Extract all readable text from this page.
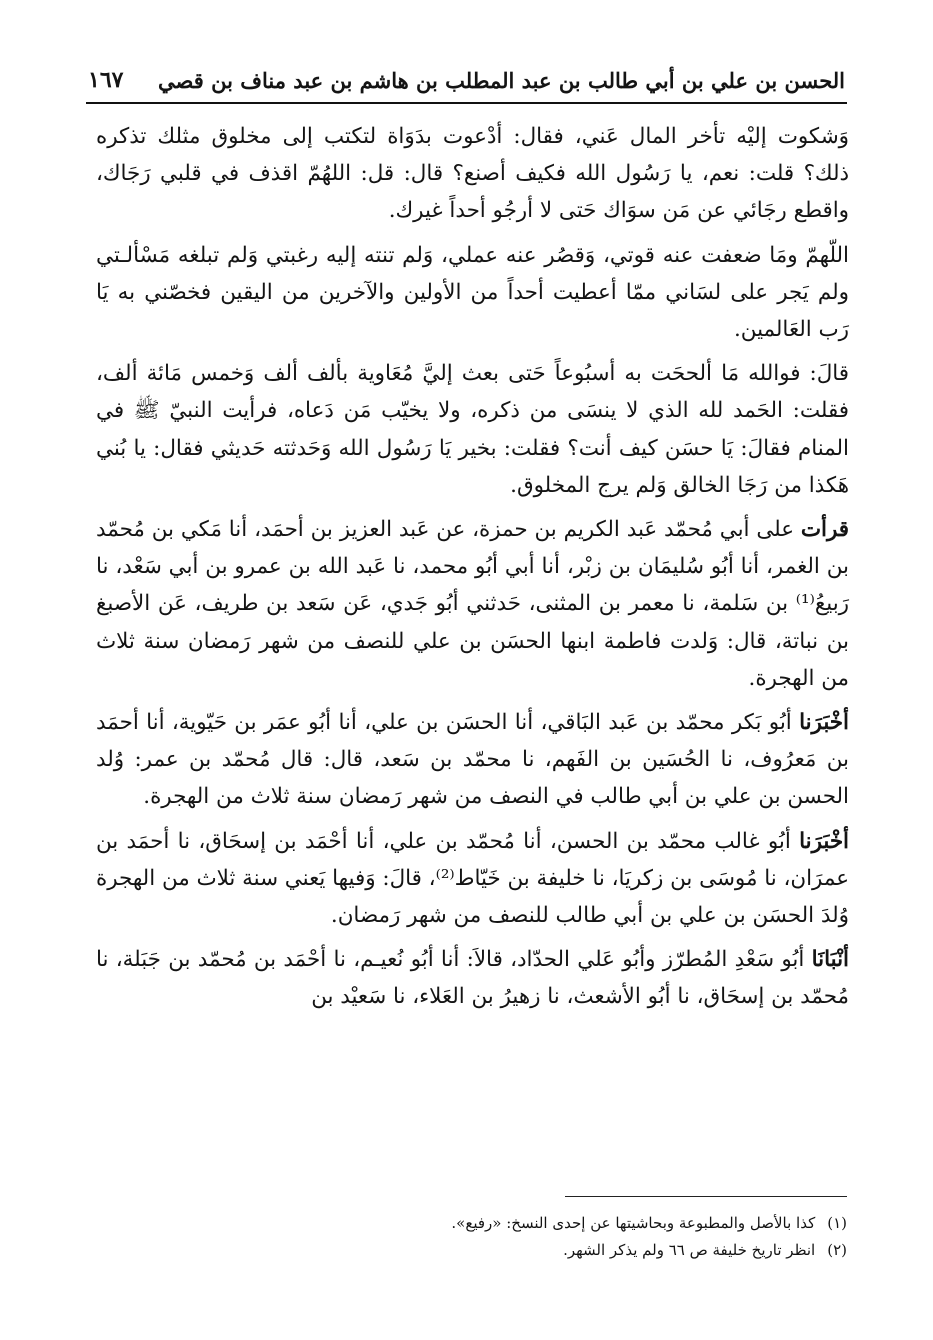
الحسن بن علي بن أبي طالب بن عبد المطلب بن هاشم بن عبد مناف بن قصي
١٦٧

وَشكوت إليْه تأخر المال عَني، فقال: أدْعوت بدَوَاة لتكتب إلى مخلوق مثلك تذكره ذلك؟ قلت: نعم، يا رَسُول الله فكيف أصنع؟ قال: قل: اللهُمّ اقذف في قلبي رَجَاك، واقطع رجَائي عن مَن سوَاك حَتى لا أرجُو أحداً غيرك.

اللّهمّ ومَا ضعفت عنه قوتي، وَقصُر عنه عملي، وَلم تنته إليه رغبتي وَلم تبلغه مَسْألـتي ولم يَجر على لسَاني ممّا أعطيت أحداً من الأولين والآخرين من اليقين فخصّني به يَا رَب العَالمين.

قالَ: فوالله مَا ألححَت به أسبُوعاً حَتى بعث إليَّ مُعَاوية بألف ألف وَخمس مَائة ألف، فقلت: الحَمد لله الذي لا ينسَى من ذكره، ولا يخيّب مَن دَعاه، فرأيت النبيّ ﷺ في المنام فقالَ: يَا حسَن كيف أنت؟ فقلت: بخير يَا رَسُول الله وَحَدثته حَديثي فقال: يا بُني هَكذا من رَجَا الخالق وَلم يرج المخلوق.

قرأت على أبي مُحمّد عَبد الكريم بن حمزة، عن عَبد العزيز بن أحمَد، أنا مَكي بن مُحمّد بن الغمر، أنا أبُو سُليمَان بن زبْر، أنا أبي أبُو محمد، نا عَبد الله بن عمرو بن أبي سَعْد، نا رَبيعُ⁽¹⁾ بن سَلمة، نا معمر بن المثنى، حَدثني أبُو جَدي، عَن سَعد بن طريف، عَن الأصبغ بن نباتة، قال: وَلدت فاطمة ابنها الحسَن بن علي للنصف من شهر رَمضان سنة ثلاث من الهجرة.

أخْبَرَنا أبُو بَكر محمّد بن عَبد البَاقي، أنا الحسَن بن علي، أنا أبُو عمَر بن حَيّوية، أنا أحمَد بن مَعرُوف، نا الحُسَين بن الفَهم، نا محمّد بن سَعد، قال: قال مُحمّد بن عمر: وُلد الحسن بن علي بن أبي طالب في النصف من شهر رَمضان سنة ثلاث من الهجرة.

أخْبَرَنا أبُو غالب محمّد بن الحسن، أنا مُحمّد بن علي، أنا أحْمَد بن إسحَاق، نا أحمَد بن عمرَان، نا مُوسَى بن زكريَا، نا خليفة بن خَيّاط⁽²⁾، قالَ: وَفيها يَعني سنة ثلاث من الهجرة وُلدَ الحسَن بن علي بن أبي طالب للنصف من شهر رَمضان.

أنْبَانَا أبُو سَعْدِ المُطرّز وأبُو عَلي الحدّاد، قالاَ: أنا أبُو نُعيـم، نا أحْمَد بن مُحمّد بن جَبَلة، نا مُحمّد بن إسحَاق، نا أبُو الأشعث، نا زهيرُ بن العَلاء، نا سَعيْد بن

(١)
كذا بالأصل والمطبوعة وبحاشيتها عن إحدى النسخ: «رفيع».
(٢)
انظر تاريخ خليفة ص ٦٦ ولم يذكر الشهر.
